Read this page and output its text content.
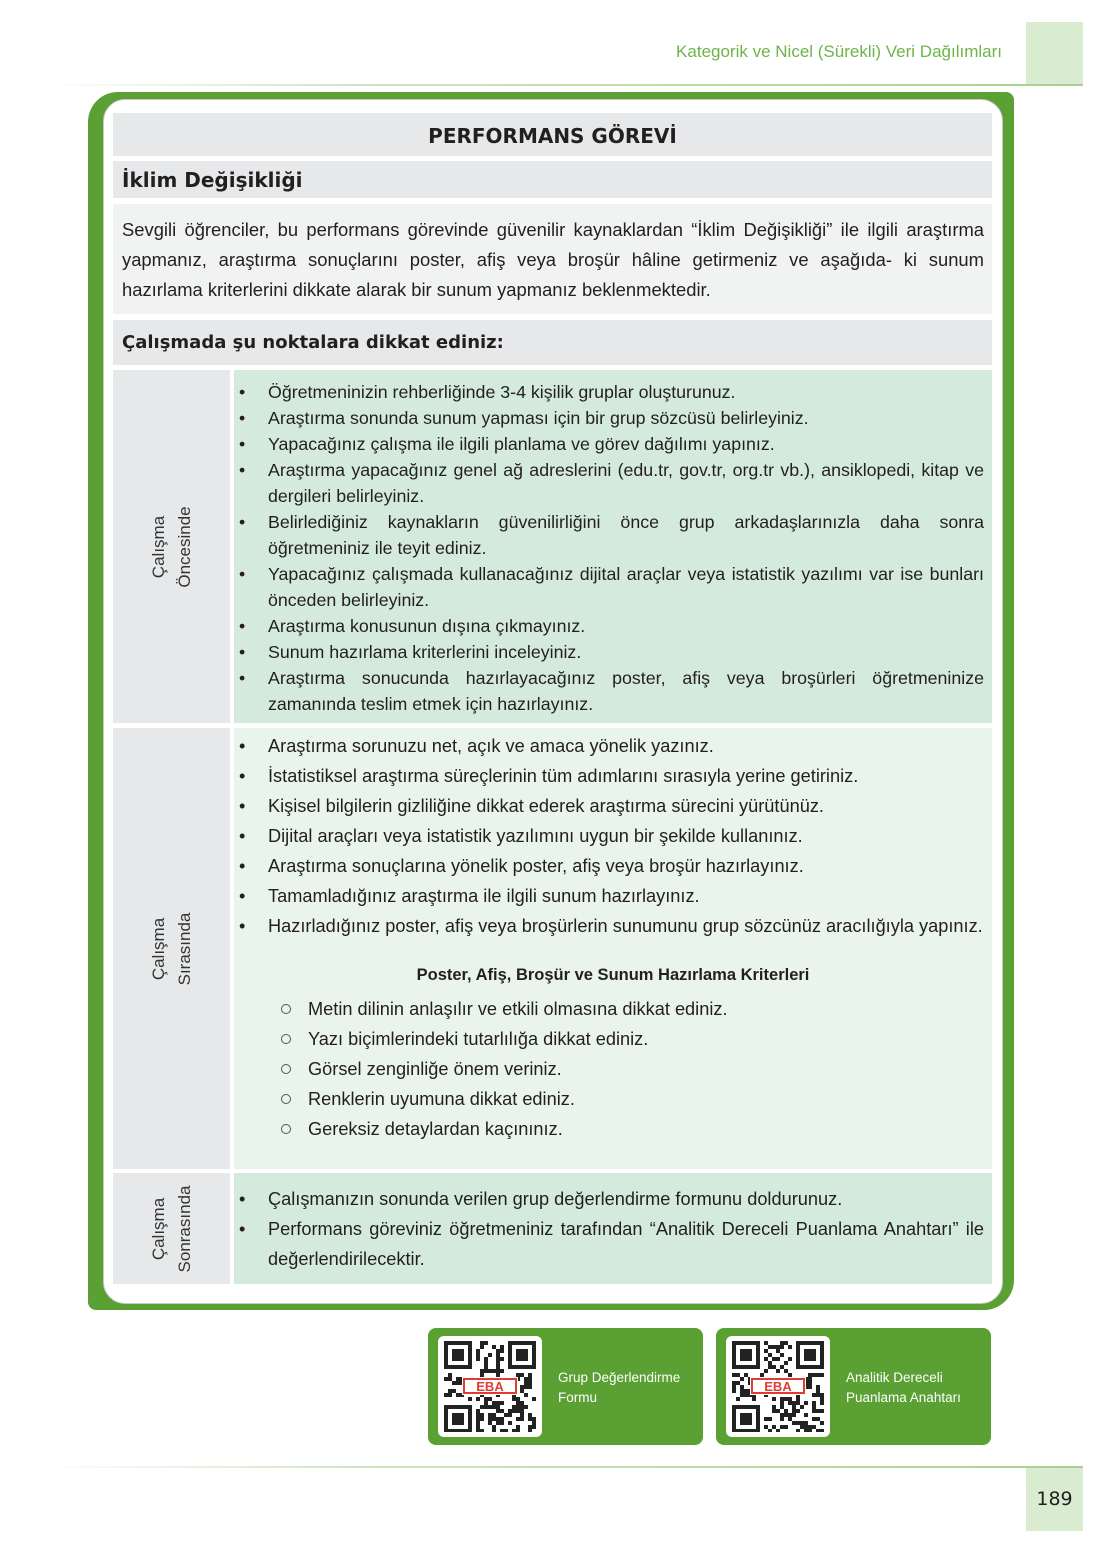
Kategorik ve Nicel (Sürekli) Veri Dağılımları
PERFORMANS GÖREVİ
İklim Değişikliği
Sevgili öğrenciler, bu performans görevinde güvenilir kaynaklardan “İklim Değişikliği” ile ilgili araştırma yapmanız, araştırma sonuçlarını poster, afiş veya broşür hâline getirmeniz ve aşağıda- ki sunum hazırlama kriterlerini dikkate alarak bir sunum yapmanız beklenmektedir.
Çalışmada şu noktalara dikkat ediniz:
Çalışma Öncesinde
• Öğretmeninizin rehberliğinde 3-4 kişilik gruplar oluşturunuz.
• Araştırma sonunda sunum yapması için bir grup sözcüsü belirleyiniz.
• Yapacağınız çalışma ile ilgili planlama ve görev dağılımı yapınız.
• Araştırma yapacağınız genel ağ adreslerini (edu.tr, gov.tr, org.tr vb.), ansiklopedi, kitap ve dergileri belirleyiniz.
• Belirlediğiniz kaynakların güvenilirliğini önce grup arkadaşlarınızla daha sonra öğretmeniniz ile teyit ediniz.
• Yapacağınız çalışmada kullanacağınız dijital araçlar veya istatistik yazılımı var ise bunları önceden belirleyiniz.
• Araştırma konusunun dışına çıkmayınız.
• Sunum hazırlama kriterlerini inceleyiniz.
• Araştırma sonucunda hazırlayacağınız poster, afiş veya broşürleri öğretmeninize zamanında teslim etmek için hazırlayınız.
Çalışma Sırasında
• Araştırma sorunuzu net, açık ve amaca yönelik yazınız.
• İstatistiksel araştırma süreçlerinin tüm adımlarını sırasıyla yerine getiriniz.
• Kişisel bilgilerin gizliliğine dikkat ederek araştırma sürecini yürütünüz.
• Dijital araçları veya istatistik yazılımını uygun bir şekilde kullanınız.
• Araştırma sonuçlarına yönelik poster, afiş veya broşür hazırlayınız.
• Tamamladığınız araştırma ile ilgili sunum hazırlayınız.
• Hazırladığınız poster, afiş veya broşürlerin sunumunu grup sözcünüz aracılığıyla yapınız.
Poster, Afiş, Broşür ve Sunum Hazırlama Kriterleri
Metin dilinin anlaşılır ve etkili olmasına dikkat ediniz.
Yazı biçimlerindeki tutarlılığa dikkat ediniz.
Görsel zenginliğe önem veriniz.
Renklerin uyumuna dikkat ediniz.
Gereksiz detaylardan kaçınınız.
Çalışma Sonrasında
•	Çalışmanızın sonunda verilen grup değerlendirme formunu doldurunuz.
• Performans göreviniz öğretmeniniz tarafından “Analitik Dereceli Puanlama Anahtarı” ile değerlendirilecektir.
EBA
Grup Değerlendirme
Formu
EBA
Analitik Dereceli
Puanlama Anahtarı
189
